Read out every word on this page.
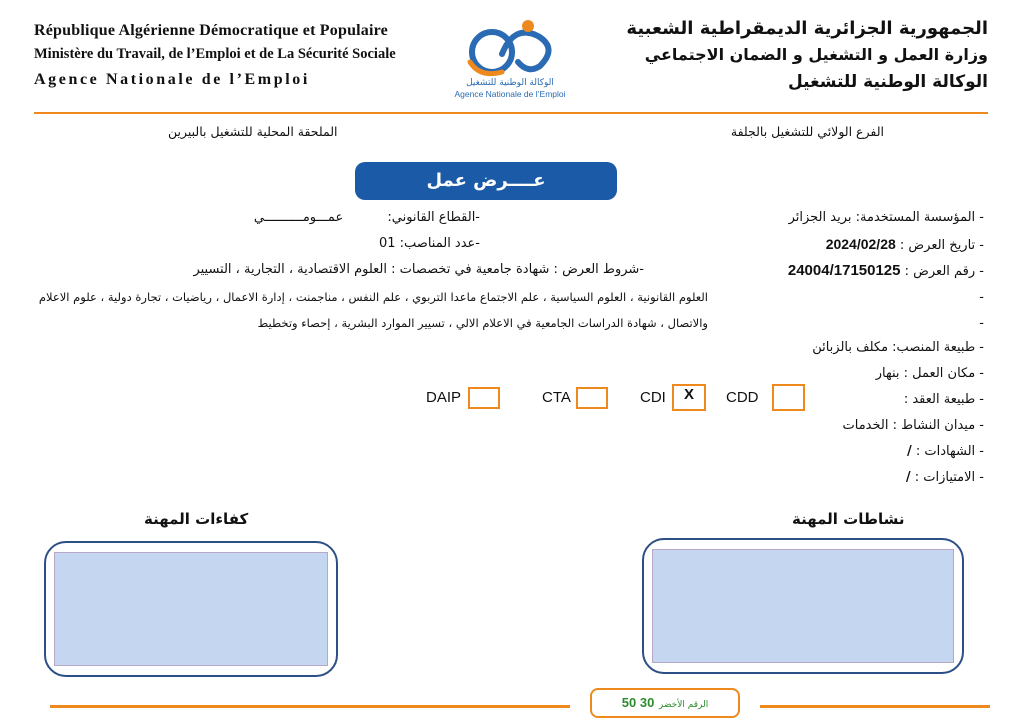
République Algérienne Démocratique et Populaire
Ministère du Travail, de l’Emploi et de La Sécurité Sociale
Agence Nationale de l’Emploi
الجمهورية الجزائرية الديمقراطية الشعبية
وزارة العمل و التشغيل و الضمان الاجتماعي
الوكالة الوطنية للتشغيل
الوكالة الوطنية للتشغيل
Agence Nationale de l’Emploi
الفرع الولائي للتشغيل بالجلفة
الملحقة المحلية للتشغيل بالبيرين
عــــرض عمل
- المؤسسة المستخدمة: بريد الجزائر
- تاريخ العرض : 2024/02/28
- رقم العرض : 24004/17150125
-
-
- طبيعة المنصب: مكلف بالزبائن
- مكان العمل : بنهار
- طبيعة العقد :
- ميدان النشاط : الخدمات
- الشهادات : /
- الامتيازات : /
-القطاع القانوني: عمـــومــــــــــي
-عدد المناصب: 01
-شروط العرض : شهادة جامعية في تخصصات : العلوم الاقتصادية ، التجارية ، التسيير
العلوم القانونية ، العلوم السياسية ، علم الاجتماع ماعدا التربوي ، علم النفس ، مناجمنت ، إدارة الاعمال ، رياضيات ، تجارة دولية ، علوم الاعلام
والاتصال ، شهادة الدراسات الجامعية في الاعلام الالي ، تسيير الموارد البشرية ، إحصاء وتخطيط
CDD
CDI	X
CTA
DAIP
نشاطات المهنة
كفاءات المهنة
الرقم الأخضر 30 50
